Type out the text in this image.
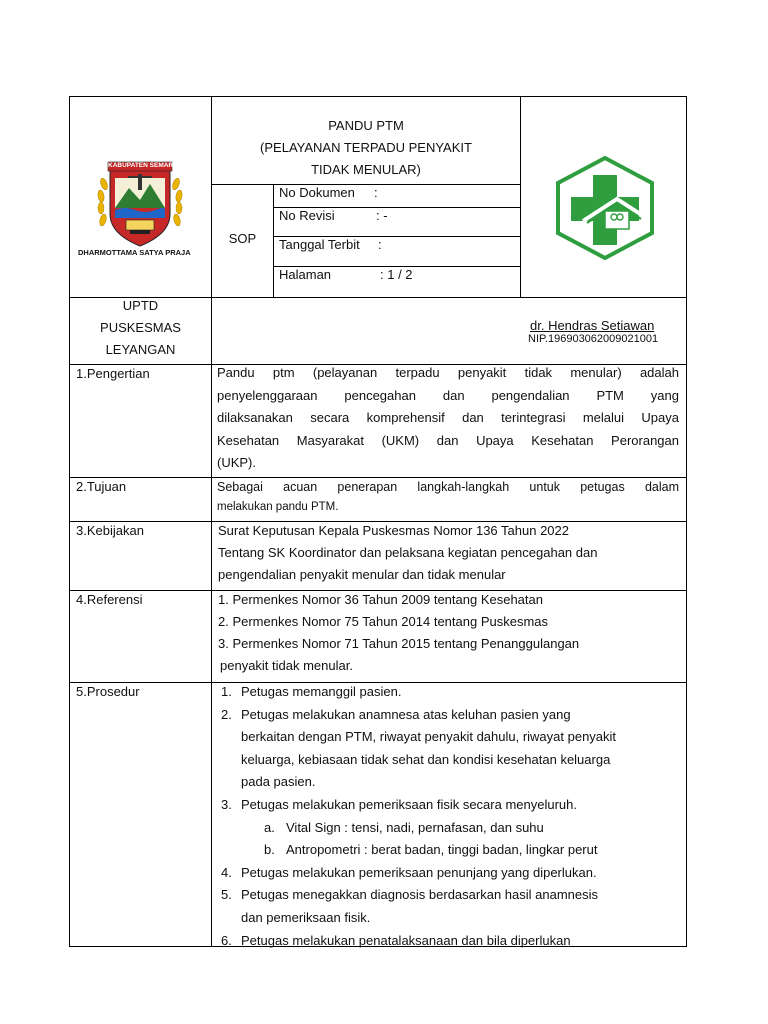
KABUPATEN SEMARANG
DHARMOTTAMA SATYA PRAJA
PANDU PTM
(PELAYANAN TERPADU PENYAKIT
TIDAK MENULAR)
SOP
No Dokumen :
No Revisi	: -
Tanggal Terbit :
Halaman	: 1 / 2
UPTD
PUSKESMAS
LEYANGAN
dr. Hendras Setiawan
NIP.196903062009021001
1.Pengertian	Pandu ptm (pelayanan terpadu penyakit tidak menular) adalah
penyelenggaraan pencegahan dan pengendalian PTM yang
dilaksanakan secara komprehensif dan terintegrasi melalui Upaya
Kesehatan Masyarakat (UKM) dan Upaya Kesehatan Perorangan
(UKP).
2.Tujuan	Sebagai acuan penerapan langkah-langkah untuk petugas dalam
melakukan pandu PTM.
3.Kebijakan	Surat Keputusan Kepala Puskesmas Nomor 136 Tahun 2022
Tentang SK Koordinator dan pelaksana kegiatan pencegahan dan
pengendalian penyakit menular dan tidak menular
4.Referensi	1. Permenkes Nomor 36 Tahun 2009 tentang Kesehatan
2. Permenkes Nomor 75 Tahun 2014 tentang Puskesmas
3. Permenkes Nomor 71 Tahun 2015 tentang Penanggulangan
penyakit tidak menular.
5.Prosedur	1. Petugas memanggil pasien.
2. Petugas melakukan anamnesa atas keluhan pasien yang
berkaitan dengan PTM, riwayat penyakit dahulu, riwayat penyakit
keluarga, kebiasaan tidak sehat dan kondisi kesehatan keluarga
pada pasien.
3. Petugas melakukan pemeriksaan fisik secara menyeluruh.
a. Vital Sign : tensi, nadi, pernafasan, dan suhu
b. Antropometri : berat badan, tinggi badan, lingkar perut
4. Petugas melakukan pemeriksaan penunjang yang diperlukan.
5. Petugas menegakkan diagnosis berdasarkan hasil anamnesis
dan pemeriksaan fisik.
6. Petugas melakukan penatalaksanaan dan bila diperlukan
